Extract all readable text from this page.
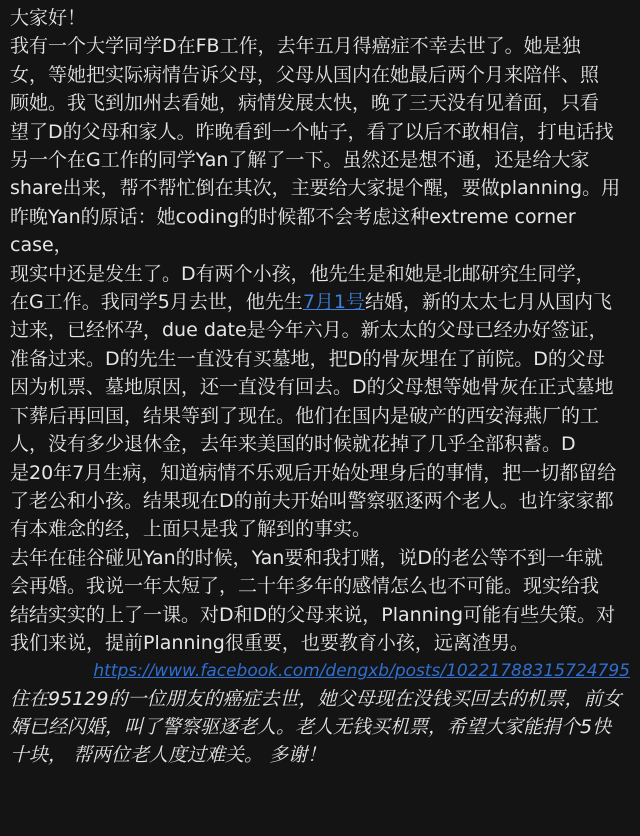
大家好！

我有一个大学同学D在FB工作，去年五月得癌症不幸去世了。她是独
女，等她把实际病情告诉父母，父母从国内在她最后两个月来陪伴、照
顾她。我飞到加州去看她，病情发展太快，晚了三天没有见着面，只看
望了D的父母和家人。昨晚看到一个帖子，看了以后不敢相信，打电话找
另一个在G工作的同学Yan了解了一下。虽然还是想不通，还是给大家
share出来，帮不帮忙倒在其次，主要给大家提个醒，要做planning。用
昨晚Yan的原话：她coding的时候都不会考虑这种extreme corner case，
现实中还是发生了。D有两个小孩，他先生是和她是北邮研究生同学，
在G工作。我同学5月去世，他先生7月1号结婚，新的太太七月从国内飞
过来，已经怀孕，due date是今年六月。新太太的父母已经办好签证，
准备过来。D的先生一直没有买墓地，把D的骨灰埋在了前院。D的父母
因为机票、墓地原因，还一直没有回去。D的父母想等她骨灰在正式墓地
下葬后再回国，结果等到了现在。他们在国内是破产的西安海燕厂的工
人，没有多少退休金，去年来美国的时候就花掉了几乎全部积蓄。D
是20年7月生病，知道病情不乐观后开始处理身后的事情，把一切都留给
了老公和小孩。结果现在D的前夫开始叫警察驱逐两个老人。也许家家都
有本难念的经，上面只是我了解到的事实。

去年在硅谷碰见Yan的时候，Yan要和我打赌，说D的老公等不到一年就
会再婚。我说一年太短了，二十年多年的感情怎么也不可能。现实给我
结结实实的上了一课。对D和D的父母来说，Planning可能有些失策。对
我们来说，提前Planning很重要，也要教育小孩，远离渣男。

https://www.facebook.com/dengxb/posts/10221788315724795

住在95129的一位朋友的癌症去世，她父母现在没钱买回去的机票，前女
婿已经闪婚，叫了警察驱逐老人。老人无钱买机票，希望大家能捐个5快
十块， 帮两位老人度过难关。 多谢！
